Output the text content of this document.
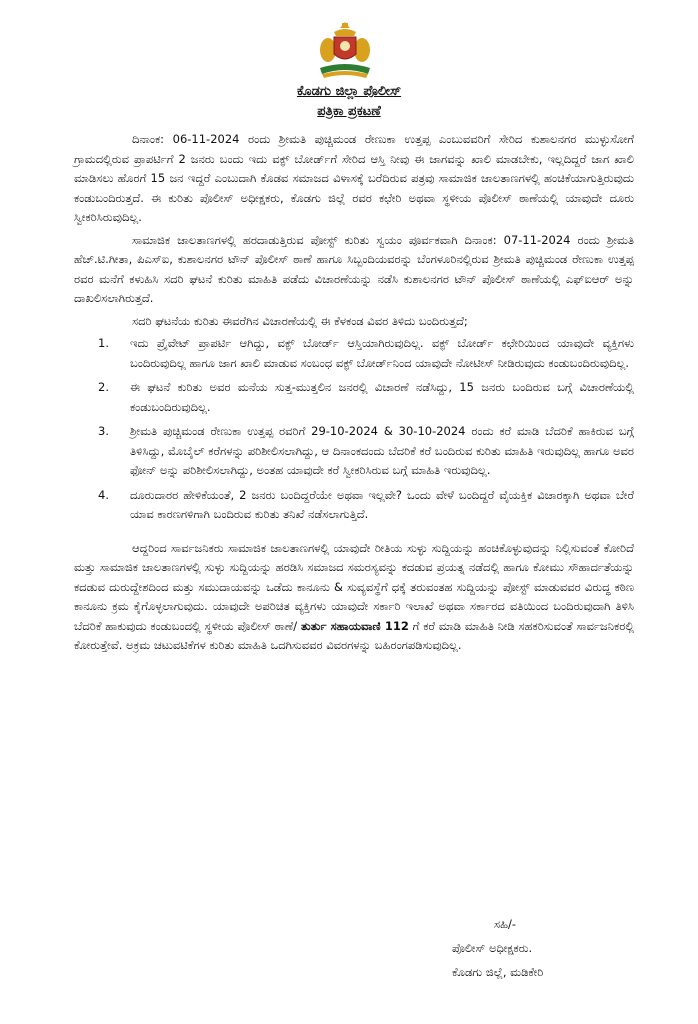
ಕೊಡಗು ಜಿಲ್ಲಾ ಪೊಲೀಸ್

ಪತ್ರಿಕಾ ಪ್ರಕಟಣೆ

ದಿನಾಂಕ: 06-11-2024 ರಂದು ಶ್ರೀಮತಿ ಪುಚ್ಚಿಮಂಡ ರೇಣುಕಾ ಉತ್ತಪ್ಪ ಎಂಬುವವರಿಗೆ ಸೇರಿದ ಕುಶಾಲನಗರ ಮುಳ್ಳುಸೋಗೆ ಗ್ರಾಮದಲ್ಲಿರುವ ಪ್ರಾಪರ್ಟಿಗೆ 2 ಜನರು ಬಂದು ಇದು ವಕ್ಫ್ ಬೋರ್ಡ್‌ಗೆ ಸೇರಿದ ಆಸ್ತಿ ನೀವು ಈ ಜಾಗವನ್ನು ಖಾಲಿ ಮಾಡಬೇಕು, ಇಲ್ಲದಿದ್ದರೆ ಜಾಗ ಖಾಲಿ ಮಾಡಿಸಲು ಹೊರಗೆ 15 ಜನ ಇದ್ದರೆ ಎಂಬುದಾಗಿ ಕೊಡವ ಸಮಾಜದ ವಿಳಾಸಕ್ಕೆ ಬರೆದಿರುವ ಪತ್ರವು ಸಾಮಾಜಿಕ ಜಾಲತಾಣಗಳಲ್ಲಿ ಹಂಚಿಕೆಯಾಗುತ್ತಿರುವುದು ಕಂಡುಬಂದಿರುತ್ತದೆ. ಈ ಕುರಿತು ಪೊಲೀಸ್ ಅಧೀಕ್ಷಕರು, ಕೊಡಗು ಜಿಲ್ಲೆ ರವರ ಕಛೇರಿ ಅಥವಾ ಸ್ಥಳೀಯ ಪೊಲೀಸ್ ಠಾಣೆಯಲ್ಲಿ ಯಾವುದೇ ದೂರು ಸ್ವೀಕರಿಸಿರುವುದಿಲ್ಲ.

ಸಾಮಾಜಿಕ ಜಾಲತಾಣಗಳಲ್ಲಿ ಹರದಾಡುತ್ತಿರುವ ಪೋಸ್ಟ್ ಕುರಿತು ಸ್ವಯಂ ಪೂರ್ವಕವಾಗಿ ದಿನಾಂಕ: 07-11-2024 ರಂದು ಶ್ರೀಮತಿ ಹೆಚ್.ಟಿ.ಗೀತಾ, ಪಿಎಸ್ಐ, ಕುಶಾಲನಗರ ಟೌನ್ ಪೊಲೀಸ್ ಠಾಣೆ ಹಾಗೂ ಸಿಬ್ಬಂದಿಯವರನ್ನು ಬೆಂಗಳೂರಿನಲ್ಲಿರುವ ಶ್ರೀಮತಿ ಪುಚ್ಚಿಮಂಡ ರೇಣುಕಾ ಉತ್ತಪ್ಪ ರವರ ಮನೆಗೆ ಕಳುಹಿಸಿ ಸದರಿ ಘಟನೆ ಕುರಿತು ಮಾಹಿತಿ ಪಡೆದು ವಿಚಾರಣೆಯನ್ನು ನಡೆಸಿ ಕುಶಾಲನಗರ ಟೌನ್ ಪೊಲೀಸ್ ಠಾಣೆಯಲ್ಲಿ ಎಫ್ಐಆರ್ ಅನ್ನು ದಾಖಲಿಸಲಾಗಿರುತ್ತದೆ.

ಸದರಿ ಘಟನೆಯ ಕುರಿತು ಈವರೆಗಿನ ವಿಚಾರಣೆಯಲ್ಲಿ ಈ ಕೆಳಕಂಡ ವಿವರ ತಿಳಿದು ಬಂದಿರುತ್ತದೆ;

1. ಇದು ಪ್ರೈವೇಟ್ ಪ್ರಾಪರ್ಟಿ ಆಗಿದ್ದು, ವಕ್ಫ್ ಬೋರ್ಡ್ ಆಸ್ತಿಯಾಗಿರುವುದಿಲ್ಲ. ವಕ್ಫ್ ಬೋರ್ಡ್ ಕಛೇರಿಯಿಂದ ಯಾವುದೇ ವ್ಯಕ್ತಿಗಳು ಬಂದಿರುವುದಿಲ್ಲ ಹಾಗೂ ಜಾಗ ಖಾಲಿ ಮಾಡುವ ಸಂಬಂಧ ವಕ್ಫ್ ಬೋರ್ಡ್‌ನಿಂದ ಯಾವುದೇ ನೋಟೀಸ್ ನೀಡಿರುವುದು ಕಂಡುಬಂದಿರುವುದಿಲ್ಲ.
2. ಈ ಘಟನೆ ಕುರಿತು ಅವರ ಮನೆಯ ಸುತ್ತ-ಮುತ್ತಲಿನ ಜನರಲ್ಲಿ ವಿಚಾರಣೆ ನಡೆಸಿದ್ದು, 15 ಜನರು ಬಂದಿರುವ ಬಗ್ಗೆ ವಿಚಾರಣೆಯಲ್ಲಿ ಕಂಡುಬಂದಿರುವುದಿಲ್ಲ.
3. ಶ್ರೀಮತಿ ಪುಚ್ಚಿಮಂಡ ರೇಣುಕಾ ಉತ್ತಪ್ಪ ರವರಿಗೆ 29-10-2024 & 30-10-2024 ರಂದು ಕರೆ ಮಾಡಿ ಬೆದರಿಕೆ ಹಾಕಿರುವ ಬಗ್ಗೆ ತಿಳಿಸಿದ್ದು, ಮೊಬೈಲ್ ಕರೆಗಳನ್ನು ಪರಿಶೀಲಿಸಲಾಗಿದ್ದು, ಆ ದಿನಾಂಕದಂದು ಬೆದರಿಕೆ ಕರೆ ಬಂದಿರುವ ಕುರಿತು ಮಾಹಿತಿ ಇರುವುದಿಲ್ಲ ಹಾಗೂ ಅವರ ಫೋನ್ ಅನ್ನು ಪರಿಶೀಲಿಸಲಾಗಿದ್ದು, ಅಂತಹ ಯಾವುದೇ ಕರೆ ಸ್ವೀಕರಿಸಿರುವ ಬಗ್ಗೆ ಮಾಹಿತಿ ಇರುವುದಿಲ್ಲ.
4. ದೂರುದಾರರ ಹೇಳಿಕೆಯಂತೆ, 2 ಜನರು ಬಂದಿದ್ದರೆಯೇ ಅಥವಾ ಇಲ್ಲವೇ? ಒಂದು ವೇಳೆ ಬಂದಿದ್ದರೆ ವೈಯಕ್ತಿಕ ವಿಚಾರಕ್ಕಾಗಿ ಅಥವಾ ಬೇರೆ ಯಾವ ಕಾರಣಗಳಿಗಾಗಿ ಬಂದಿರುವ ಕುರಿತು ತನಿಖೆ ನಡೆಸಲಾಗುತ್ತಿದೆ.

ಆದ್ದರಿಂದ ಸಾರ್ವಜನಿಕರು ಸಾಮಾಜಿಕ ಜಾಲತಾಣಗಳಲ್ಲಿ ಯಾವುದೇ ರೀತಿಯ ಸುಳ್ಳು ಸುದ್ದಿಯನ್ನು ಹಂಚಿಕೊಳ್ಳುವುದನ್ನು ನಿಲ್ಲಿಸುವಂತೆ ಕೋರಿದೆ ಮತ್ತು ಸಾಮಾಜಿಕ ಜಾಲತಾಣಗಳಲ್ಲಿ ಸುಳ್ಳು ಸುದ್ದಿಯನ್ನು ಹರಡಿಸಿ ಸಮಾಜದ ಸಮರಸ್ಯವನ್ನು ಕದಡುವ ಪ್ರಯತ್ನ ನಡೆದಲ್ಲಿ ಹಾಗೂ ಕೋಮು ಸೌಹಾರ್ದತೆಯನ್ನು ಕದಡುವ ದುರುದ್ದೇಶದಿಂದ ಮತ್ತು ಸಮುದಾಯವನ್ನು ಒಡೆದು ಕಾನೂನು & ಸುವ್ಯವಸ್ಥೆಗೆ ಧಕ್ಕೆ ತರುವಂತಹ ಸುದ್ದಿಯನ್ನು ಪೋಸ್ಟ್ ಮಾಡುವವರ ವಿರುದ್ಧ ಕಠಿಣ ಕಾನೂನು ಕ್ರಮ ಕೈಗೊಳ್ಳಲಾಗುವುದು. ಯಾವುದೇ ಅಪರಿಚಿತ ವ್ಯಕ್ತಿಗಳು ಯಾವುದೇ ಸರ್ಕಾರಿ ಇಲಾಖೆ ಅಥವಾ ಸರ್ಕಾರದ ವತಿಯಿಂದ ಬಂದಿರುವುದಾಗಿ ತಿಳಿಸಿ ಬೆದರಿಕೆ ಹಾಕುವುದು ಕಂಡುಬಂದಲ್ಲಿ ಸ್ಥಳೀಯ ಪೊಲೀಸ್ ಠಾಣೆ/ ತುರ್ತು ಸಹಾಯವಾಣಿ 112 ಗೆ ಕರೆ ಮಾಡಿ ಮಾಹಿತಿ ನೀಡಿ ಸಹಕರಿಸುವಂತೆ ಸಾರ್ವಜನಿಕರಲ್ಲಿ ಕೋರುತ್ತೇವೆ. ಅಕ್ರಮ ಚಟುವಟಿಕೆಗಳ ಕುರಿತು ಮಾಹಿತಿ ಒದಗಿಸುವವರ ವಿವರಗಳನ್ನು ಬಹಿರಂಗಪಡಿಸುವುದಿಲ್ಲ.

ಸಹಿ/-
ಪೊಲೀಸ್ ಅಧೀಕ್ಷಕರು.
ಕೊಡಗು ಜಿಲ್ಲೆ, ಮಡಿಕೇರಿ
